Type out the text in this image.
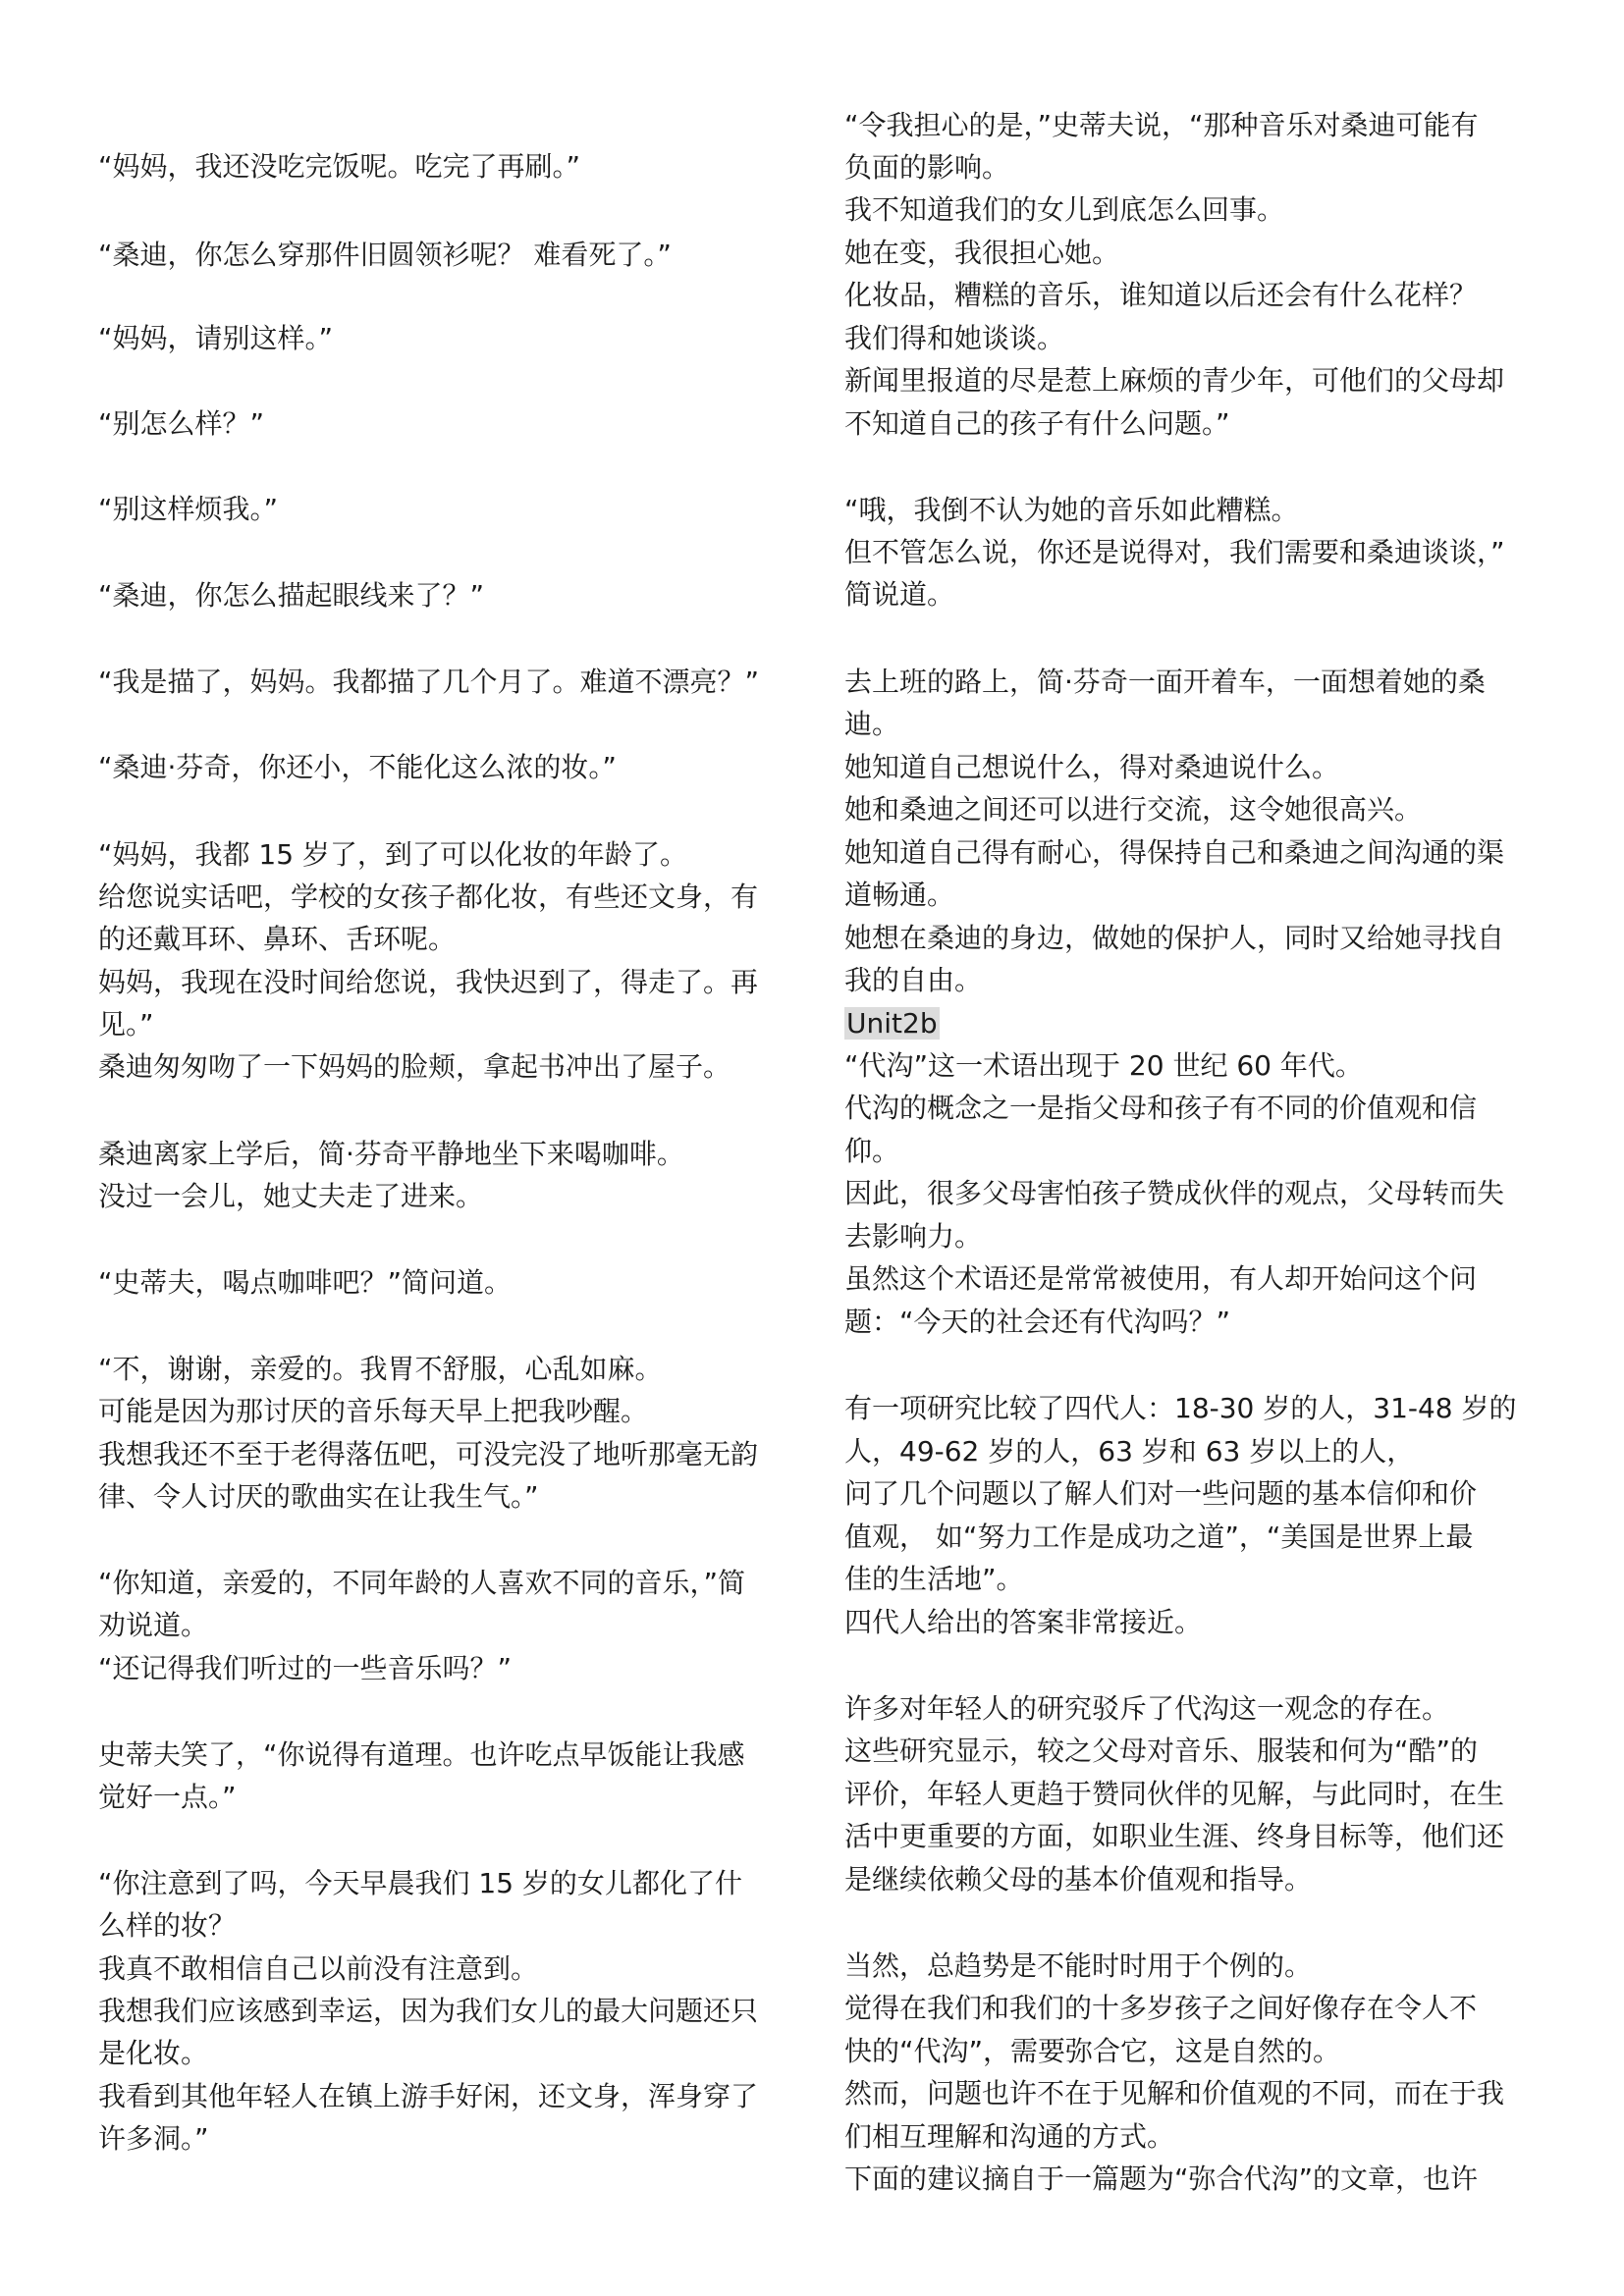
“妈妈，我还没吃完饭呢。吃完了再刷。”
“桑迪，你怎么穿那件旧圆领衫呢？ 难看死了。”
“妈妈，请别这样。”
“别怎么样？”
“别这样烦我。”
“桑迪，你怎么描起眼线来了？”
“我是描了，妈妈。我都描了几个月了。难道不漂亮？”
“桑迪·芬奇，你还小，不能化这么浓的妆。”
“妈妈，我都 15 岁了，到了可以化妆的年龄了。
给您说实话吧，学校的女孩子都化妆，有些还文身，有
的还戴耳环、鼻环、舌环呢。
妈妈，我现在没时间给您说，我快迟到了，得走了。再
见。”
桑迪匆匆吻了一下妈妈的脸颊，拿起书冲出了屋子。
桑迪离家上学后，简·芬奇平静地坐下来喝咖啡。
没过一会儿，她丈夫走了进来。
“史蒂夫，喝点咖啡吧？”简问道。
“不，谢谢，亲爱的。我胃不舒服，心乱如麻。
可能是因为那讨厌的音乐每天早上把我吵醒。
我想我还不至于老得落伍吧，可没完没了地听那毫无韵
律、令人讨厌的歌曲实在让我生气。”
“你知道，亲爱的，不同年龄的人喜欢不同的音乐，”简
劝说道。
“还记得我们听过的一些音乐吗？”
史蒂夫笑了，“你说得有道理。也许吃点早饭能让我感
觉好一点。”
“你注意到了吗，今天早晨我们 15 岁的女儿都化了什
么样的妆？
我真不敢相信自己以前没有注意到。
我想我们应该感到幸运，因为我们女儿的最大问题还只
是化妆。
我看到其他年轻人在镇上游手好闲，还文身，浑身穿了
许多洞。”
“令我担心的是，”史蒂夫说，“那种音乐对桑迪可能有
负面的影响。
我不知道我们的女儿到底怎么回事。
她在变，我很担心她。
化妆品，糟糕的音乐，谁知道以后还会有什么花样？
我们得和她谈谈。
新闻里报道的尽是惹上麻烦的青少年，可他们的父母却
不知道自己的孩子有什么问题。”
“哦，我倒不认为她的音乐如此糟糕。
但不管怎么说，你还是说得对，我们需要和桑迪谈谈，”
简说道。
去上班的路上，简·芬奇一面开着车，一面想着她的桑
迪。
她知道自己想说什么，得对桑迪说什么。
她和桑迪之间还可以进行交流，这令她很高兴。
她知道自己得有耐心，得保持自己和桑迪之间沟通的渠
道畅通。
她想在桑迪的身边，做她的保护人，同时又给她寻找自
我的自由。
Unit2b
“代沟”这一术语出现于 20 世纪 60 年代。
代沟的概念之一是指父母和孩子有不同的价值观和信
仰。
因此，很多父母害怕孩子赞成伙伴的观点，父母转而失
去影响力。
虽然这个术语还是常常被使用，有人却开始问这个问
题：“今天的社会还有代沟吗？”
有一项研究比较了四代人：18-30 岁的人，31-48 岁的
人，49-62 岁的人，63 岁和 63 岁以上的人，
问了几个问题以了解人们对一些问题的基本信仰和价
值观， 如“努力工作是成功之道”，“美国是世界上最
佳的生活地”。
四代人给出的答案非常接近。
许多对年轻人的研究驳斥了代沟这一观念的存在。
这些研究显示，较之父母对音乐、服装和何为“酷”的
评价，年轻人更趋于赞同伙伴的见解，与此同时，在生
活中更重要的方面，如职业生涯、终身目标等，他们还
是继续依赖父母的基本价值观和指导。
当然，总趋势是不能时时用于个例的。
觉得在我们和我们的十多岁孩子之间好像存在令人不
快的“代沟”，需要弥合它，这是自然的。
然而，问题也许不在于见解和价值观的不同，而在于我
们相互理解和沟通的方式。
下面的建议摘自于一篇题为“弥合代沟”的文章，也许
